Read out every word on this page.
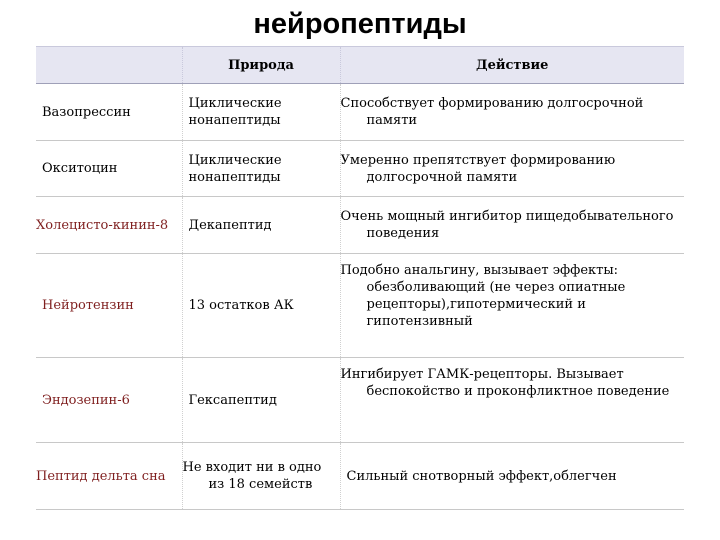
нейропептиды
	Природа	Действие
Вазопрессин	Циклические нонапептиды	Способствует формированию долгосрочной памяти
Окситоцин	Циклические нонапептиды	Умеренно препятствует формированию долгосрочной памяти
Холецисто-кинин-8	Декапептид	Очень мощный ингибитор пищедобывательного поведения
Нейротензин	13 остатков АК	Подобно анальгину, вызывает эффекты: обезболивающий (не через опиатные рецепторы),гипотермический и гипотензивный
Эндозепин-6	Гексапептид	Ингибирует ГАМК-рецепторы. Вызывает беспокойство и проконфликтное поведение
Пептид дельта сна	Не входит ни в одно из 18 семейств	Сильный снотворный эффект,облегчен
